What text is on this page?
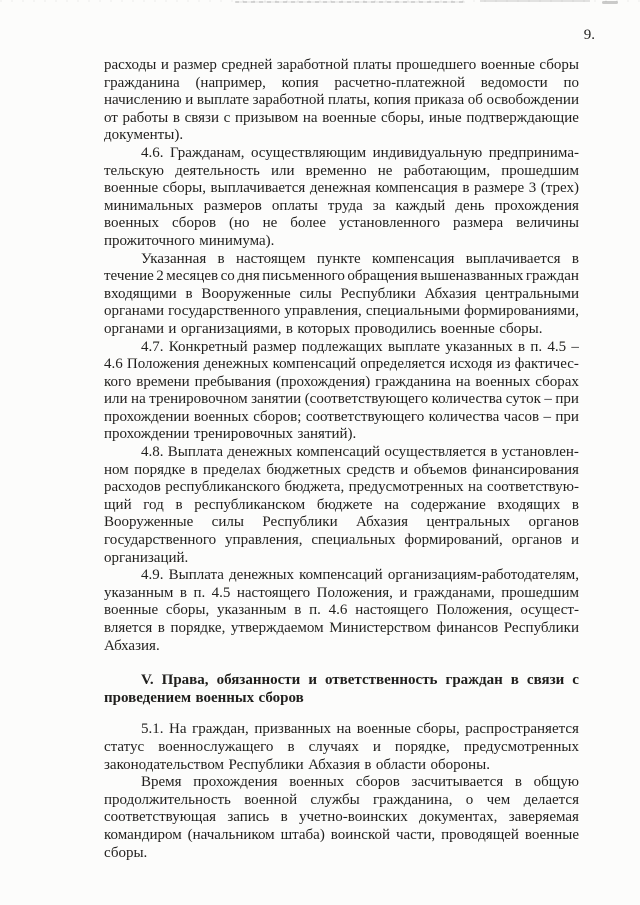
9.
расходы и размер средней заработной платы прошедшего военные сборы
гражданина (например, копия расчетно-платежной ведомости по
начислению и выплате заработной платы, копия приказа об освобождении
от работы в связи с призывом на военные сборы, иные подтверждающие
документы).
4.6. Гражданам, осуществляющим индивидуальную предпринима-
тельскую деятельность или временно не работающим, прошедшим
военные сборы, выплачивается денежная компенсация в размере 3 (трех)
минимальных размеров оплаты труда за каждый день прохождения
военных сборов (но не более установленного размера величины
прожиточного минимума).
Указанная в настоящем пункте компенсация выплачивается в
течение 2 месяцев со дня письменного обращения вышеназванных граждан
входящими в Вооруженные силы Республики Абхазия центральными
органами государственного управления, специальными формированиями,
органами и организациями, в которых проводились военные сборы.
4.7. Конкретный размер подлежащих выплате указанных в п. 4.5 –
4.6 Положения денежных компенсаций определяется исходя из фактичес-
кого времени пребывания (прохождения) гражданина на военных сборах
или на тренировочном занятии (соответствующего количества суток – при
прохождении военных сборов; соответствующего количества часов – при
прохождении тренировочных занятий).
4.8. Выплата денежных компенсаций осуществляется в установлен-
ном порядке в пределах бюджетных средств и объемов финансирования
расходов республиканского бюджета, предусмотренных на соответствую-
щий год в республиканском бюджете на содержание входящих в
Вооруженные силы Республики Абхазия центральных органов
государственного управления, специальных формирований, органов и
организаций.
4.9. Выплата денежных компенсаций организациям-работодателям,
указанным в п. 4.5 настоящего Положения, и гражданами, прошедшим
военные сборы, указанным в п. 4.6 настоящего Положения, осущест-
вляется в порядке, утверждаемом Министерством финансов Республики
Абхазия.
V. Права, обязанности и ответственность граждан в связи с
проведением военных сборов
5.1. На граждан, призванных на военные сборы, распространяется
статус военнослужащего в случаях и порядке, предусмотренных
законодательством Республики Абхазия в области обороны.
Время прохождения военных сборов засчитывается в общую
продолжительность военной службы гражданина, о чем делается
соответствующая запись в учетно-воинских документах, заверяемая
командиром (начальником штаба) воинской части, проводящей военные
сборы.
